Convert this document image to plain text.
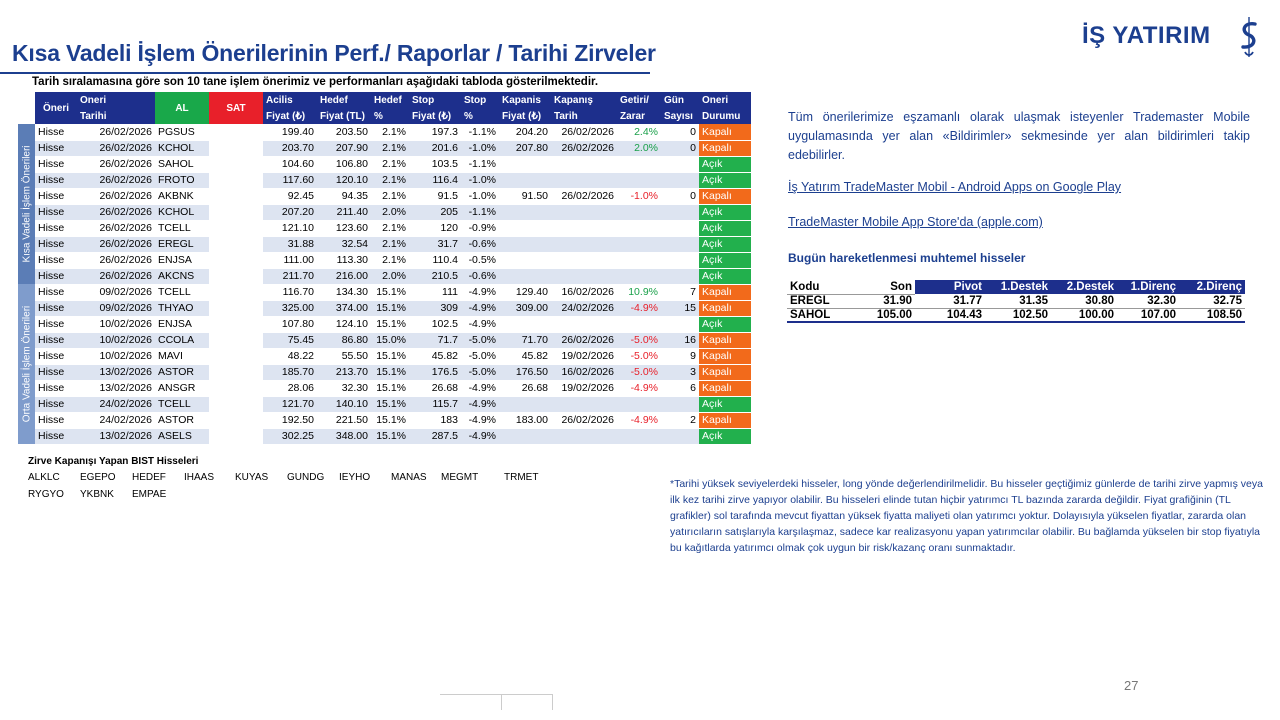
Kısa Vadeli İşlem Önerilerinin Perf./ Raporlar / Tarihi Zirveler
İŞ YATIRIM
Tarih sıralamasına göre son 10 tane işlem önerimiz ve performanları aşağıdaki tabloda gösterilmektedir.
Kısa Vadeli İşlem Önerileri
Orta Vadeli İşlem Önerileri
Öneri	Oneri	AL	SAT	Acilis	Hedef	Hedef	Stop	Stop	Kapanis	Kapanış	Getiri/	Gün	Oneri
	Tarihi			Fiyat (₺)	Fiyat (TL)	%	Fiyat (₺)	%	Fiyat (₺)	Tarih	Zarar	Sayısı	Durumu
Hisse	26/02/2026	PGSUS		199.40	203.50	2.1%	197.3	-1.1%	204.20	26/02/2026	2.4%	0	Kapalı
Hisse	26/02/2026	KCHOL		203.70	207.90	2.1%	201.6	-1.0%	207.80	26/02/2026	2.0%	0	Kapalı
Hisse	26/02/2026	SAHOL		104.60	106.80	2.1%	103.5	-1.1%					Açık
Hisse	26/02/2026	FROTO		117.60	120.10	2.1%	116.4	-1.0%					Açık
Hisse	26/02/2026	AKBNK		92.45	94.35	2.1%	91.5	-1.0%	91.50	26/02/2026	-1.0%	0	Kapalı
Hisse	26/02/2026	KCHOL		207.20	211.40	2.0%	205	-1.1%					Açık
Hisse	26/02/2026	TCELL		121.10	123.60	2.1%	120	-0.9%					Açık
Hisse	26/02/2026	EREGL		31.88	32.54	2.1%	31.7	-0.6%					Açık
Hisse	26/02/2026	ENJSA		111.00	113.30	2.1%	110.4	-0.5%					Açık
Hisse	26/02/2026	AKCNS		211.70	216.00	2.0%	210.5	-0.6%					Açık
Hisse	09/02/2026	TCELL		116.70	134.30	15.1%	111	-4.9%	129.40	16/02/2026	10.9%	7	Kapalı
Hisse	09/02/2026	THYAO		325.00	374.00	15.1%	309	-4.9%	309.00	24/02/2026	-4.9%	15	Kapalı
Hisse	10/02/2026	ENJSA		107.80	124.10	15.1%	102.5	-4.9%					Açık
Hisse	10/02/2026	CCOLA		75.45	86.80	15.0%	71.7	-5.0%	71.70	26/02/2026	-5.0%	16	Kapalı
Hisse	10/02/2026	MAVI		48.22	55.50	15.1%	45.82	-5.0%	45.82	19/02/2026	-5.0%	9	Kapalı
Hisse	13/02/2026	ASTOR		185.70	213.70	15.1%	176.5	-5.0%	176.50	16/02/2026	-5.0%	3	Kapalı
Hisse	13/02/2026	ANSGR		28.06	32.30	15.1%	26.68	-4.9%	26.68	19/02/2026	-4.9%	6	Kapalı
Hisse	24/02/2026	TCELL		121.70	140.10	15.1%	115.7	-4.9%					Açık
Hisse	24/02/2026	ASTOR		192.50	221.50	15.1%	183	-4.9%	183.00	26/02/2026	-4.9%	2	Kapalı
Hisse	13/02/2026	ASELS		302.25	348.00	15.1%	287.5	-4.9%					Açık
Tüm önerilerimize eşzamanlı olarak ulaşmak isteyenler Trademaster Mobile uygulamasında yer alan «Bildirimler» sekmesinde yer alan bildirimleri takip edebilirler.
İş Yatırım TradeMaster Mobil - Android Apps on Google Play
TradeMaster Mobile App Store'da (apple.com)
Bugün hareketlenmesi muhtemel hisseler
Kodu	Son	Pivot	1.Destek	2.Destek	1.Direnç	2.Direnç
EREGL	31.90	31.77	31.35	30.80	32.30	32.75
SAHOL	105.00	104.43	102.50	100.00	107.00	108.50
Zirve Kapanışı Yapan BIST Hisseleri
ALKLC EGEPO HEDEF IHAAS KUYAS GUNDG IEYHO MANAS MEGMT	TRMET
RYGYO YKBNK EMPAE
*Tarihi yüksek seviyelerdeki hisseler, long yönde değerlendirilmelidir. Bu hisseler geçtiğimiz günlerde de tarihi zirve yapmış veya ilk kez tarihi zirve yapıyor olabilir. Bu hisseleri elinde tutan hiçbir yatırımcı TL bazında zararda değildir. Fiyat grafiğinin (TL grafikler) sol tarafında mevcut fiyattan yüksek fiyatta maliyeti olan yatırımcı yoktur. Dolayısıyla yükselen fiyatlar, zararda olan yatırıcıların satışlarıyla karşılaşmaz, sadece kar realizasyonu yapan yatırımcılar olabilir. Bu bağlamda yükselen bir stop fiyatıyla bu kağıtlarda yatırımcı olmak çok uygun bir risk/kazanç oranı sunmaktadır.
27
